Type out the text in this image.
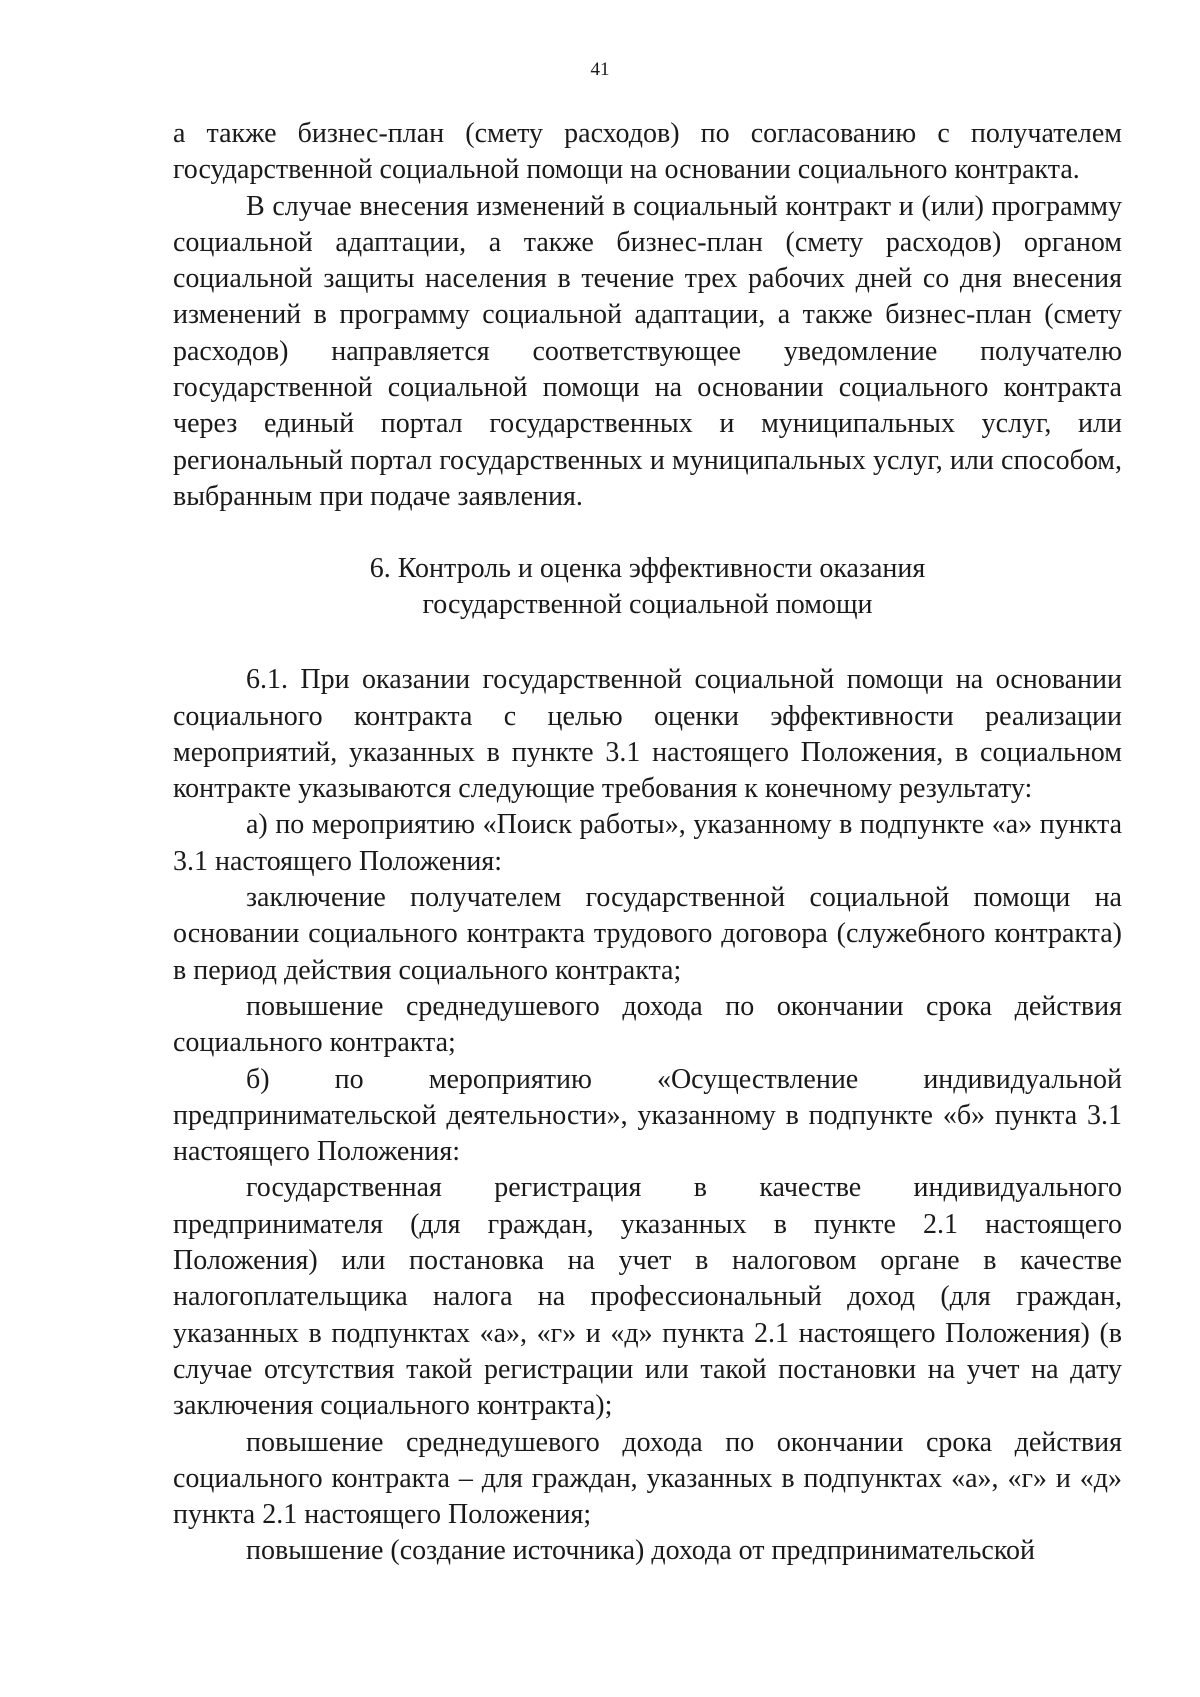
41

а также бизнес-план (смету расходов) по согласованию с получателем государственной социальной помощи на основании социального контракта.

В случае внесения изменений в социальный контракт и (или) программу социальной адаптации, а также бизнес-план (смету расходов) органом социальной защиты населения в течение трех рабочих дней со дня внесения изменений в программу социальной адаптации, а также бизнес-план (смету расходов) направляется соответствующее уведомление получателю государственной социальной помощи на основании социального контракта через единый портал государственных и муниципальных услуг, или региональный портал государственных и муниципальных услуг, или способом, выбранным при подаче заявления.

6. Контроль и оценка эффективности оказания
государственной социальной помощи

6.1. При оказании государственной социальной помощи на основании социального контракта с целью оценки эффективности реализации мероприятий, указанных в пункте 3.1 настоящего Положения, в социальном контракте указываются следующие требования к конечному результату:

а) по мероприятию «Поиск работы», указанному в подпункте «а» пункта 3.1 настоящего Положения:

заключение получателем государственной социальной помощи на основании социального контракта трудового договора (служебного контракта) в период действия социального контракта;

повышение среднедушевого дохода по окончании срока действия социального контракта;

б) по мероприятию «Осуществление индивидуальной предпринимательской деятельности», указанному в подпункте «б» пункта 3.1 настоящего Положения:

государственная регистрация в качестве индивидуального предпринимателя (для граждан, указанных в пункте 2.1 настоящего Положения) или постановка на учет в налоговом органе в качестве налогоплательщика налога на профессиональный доход (для граждан, указанных в подпунктах «а», «г» и «д» пункта 2.1 настоящего Положения) (в случае отсутствия такой регистрации или такой постановки на учет на дату заключения социального контракта);

повышение среднедушевого дохода по окончании срока действия социального контракта – для граждан, указанных в подпунктах «а», «г» и «д» пункта 2.1 настоящего Положения;

повышение (создание источника) дохода от предпринимательской
